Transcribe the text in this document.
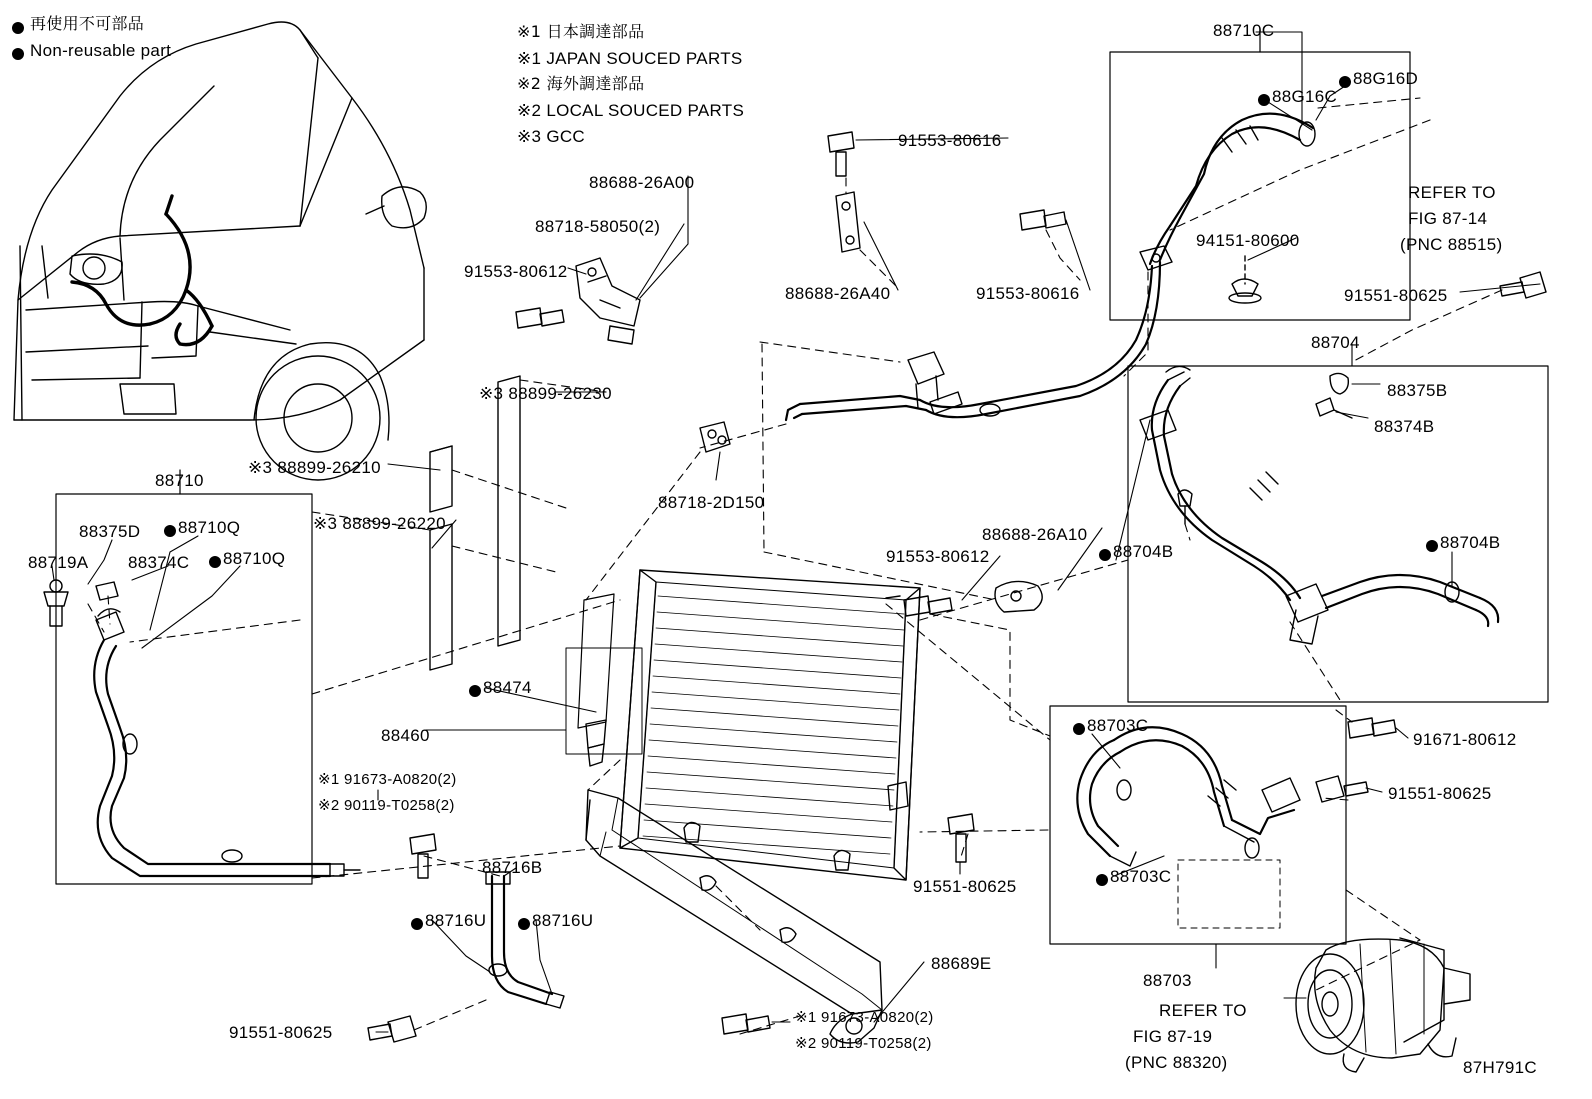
再使用不可部品
Non-reusable part
※1 日本調達部品
※1 JAPAN SOUCED PARTS
※2 海外調達部品
※2 LOCAL SOUCED PARTS
※3 GCC
REFER TO
FIG 87-14
(PNC 88515)
REFER TO
FIG 87-19
(PNC 88320)
88710C
88G16D
88G16C
91553-80616
88688-26A00
88718-58050(2)
94151-80600
91553-80612
88688-26A40	91553-80616	91551-80625
88704
88375B
88374B
※3 88899-26230
※3 88899-26210
88718-2D150
88710
※3 88899-26220
88375D 88710Q
88719A 88374C 88710Q
88688-26A10
91553-80612	88704B	88704B
88474
88460
88703C
91671-80612
91551-80625
88703C
91551-80625
88716B
88716U	88716U
88689E
88703
91551-80625
※1 91673-A0820(2)
※2 90119-T0258(2)
※1 91673-A0820(2)
※2 90119-T0258(2)
87H791C
